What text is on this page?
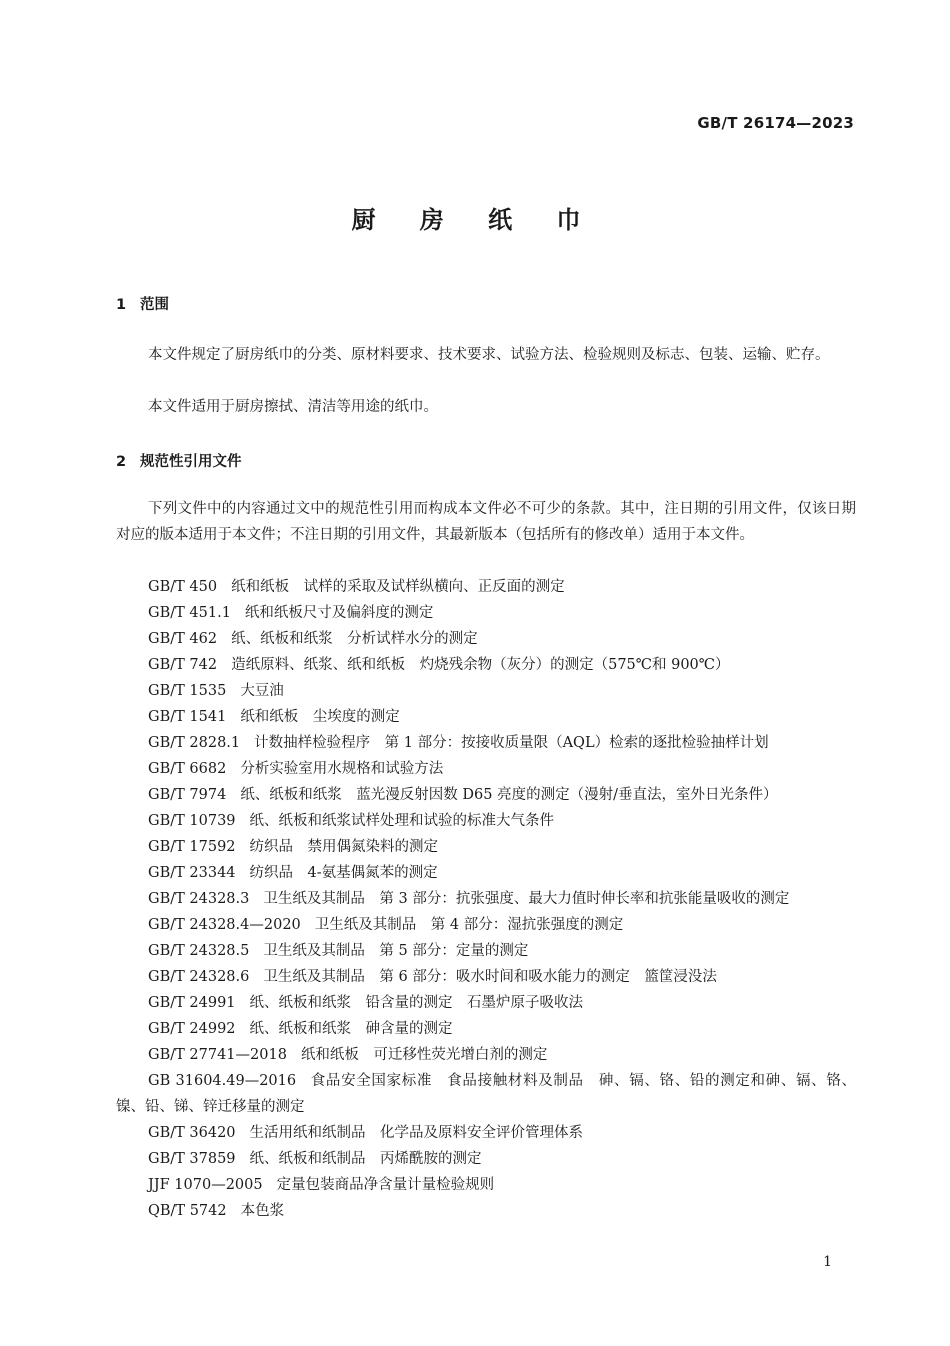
GB/T 26174—2023
厨 房 纸 巾
1 范围
本文件规定了厨房纸巾的分类、原材料要求、技术要求、试验方法、检验规则及标志、包装、运输、贮存。
本文件适用于厨房擦拭、清洁等用途的纸巾。
2 规范性引用文件
下列文件中的内容通过文中的规范性引用而构成本文件必不可少的条款。其中，注日期的引用文件，仅该日期对应的版本适用于本文件；不注日期的引用文件，其最新版本（包括所有的修改单）适用于本文件。
GB/T 450 纸和纸板　试样的采取及试样纵横向、正反面的测定
GB/T 451.1 纸和纸板尺寸及偏斜度的测定
GB/T 462 纸、纸板和纸浆　分析试样水分的测定
GB/T 742 造纸原料、纸浆、纸和纸板　灼烧残余物（灰分）的测定（575℃和 900℃）
GB/T 1535 大豆油
GB/T 1541 纸和纸板　尘埃度的测定
GB/T 2828.1 计数抽样检验程序　第 1 部分：按接收质量限（AQL）检索的逐批检验抽样计划
GB/T 6682 分析实验室用水规格和试验方法
GB/T 7974 纸、纸板和纸浆　蓝光漫反射因数 D65 亮度的测定（漫射/垂直法，室外日光条件）
GB/T 10739 纸、纸板和纸浆试样处理和试验的标准大气条件
GB/T 17592 纺织品　禁用偶氮染料的测定
GB/T 23344 纺织品　4-氨基偶氮苯的测定
GB/T 24328.3 卫生纸及其制品　第 3 部分：抗张强度、最大力值时伸长率和抗张能量吸收的测定
GB/T 24328.4—2020 卫生纸及其制品　第 4 部分：湿抗张强度的测定
GB/T 24328.5 卫生纸及其制品　第 5 部分：定量的测定
GB/T 24328.6 卫生纸及其制品　第 6 部分：吸水时间和吸水能力的测定　篮筐浸没法
GB/T 24991 纸、纸板和纸浆　铅含量的测定　石墨炉原子吸收法
GB/T 24992 纸、纸板和纸浆　砷含量的测定
GB/T 27741—2018 纸和纸板　可迁移性荧光增白剂的测定
GB 31604.49—2016 食品安全国家标准　食品接触材料及制品　砷、镉、铬、铅的测定和砷、镉、铬、镍、铅、锑、锌迁移量的测定
GB/T 36420 生活用纸和纸制品　化学品及原料安全评价管理体系
GB/T 37859 纸、纸板和纸制品　丙烯酰胺的测定
JJF 1070—2005 定量包装商品净含量计量检验规则
QB/T 5742 本色浆
1
